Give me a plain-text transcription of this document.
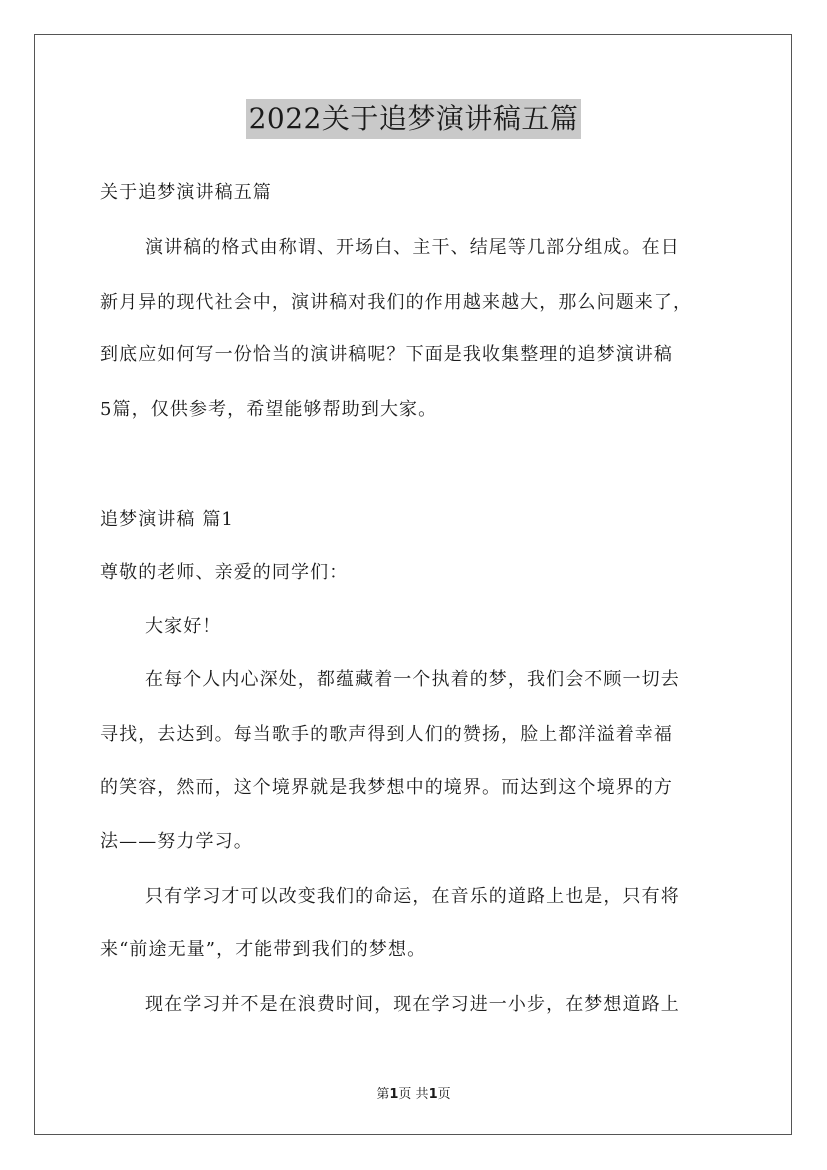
2022关于追梦演讲稿五篇
关于追梦演讲稿五篇
演讲稿的格式由称谓、开场白、主干、结尾等几部分组成。在日
新月异的现代社会中，演讲稿对我们的作用越来越大，那么问题来了，
到底应如何写一份恰当的演讲稿呢？下面是我收集整理的追梦演讲稿
5篇，仅供参考，希望能够帮助到大家。
追梦演讲稿 篇1
尊敬的老师、亲爱的同学们：
大家好！
在每个人内心深处，都蕴藏着一个执着的梦，我们会不顾一切去
寻找，去达到。每当歌手的歌声得到人们的赞扬，脸上都洋溢着幸福
的笑容，然而，这个境界就是我梦想中的境界。而达到这个境界的方
法——努力学习。
只有学习才可以改变我们的命运，在音乐的道路上也是，只有将
来“前途无量”，才能带到我们的梦想。
现在学习并不是在浪费时间，现在学习进一小步，在梦想道路上
第1页 共1页
